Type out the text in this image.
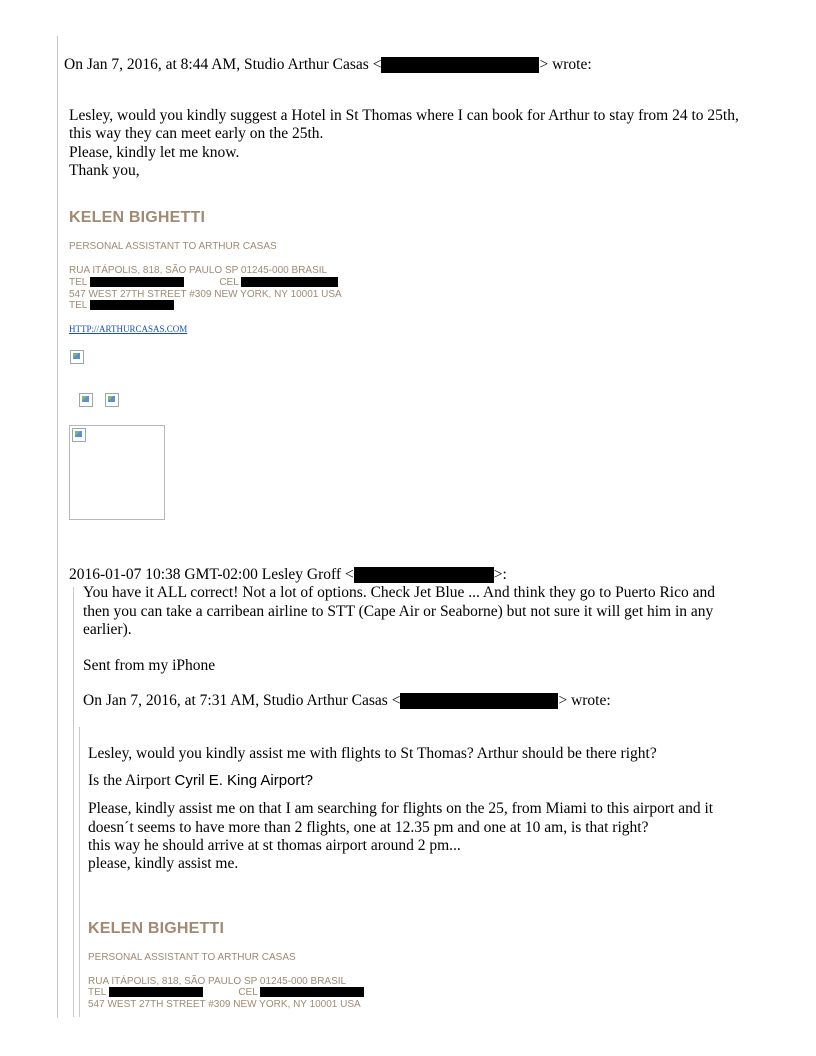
On Jan 7, 2016, at 8:44 AM, Studio Arthur Casas <	> wrote:
Lesley, would you kindly suggest a Hotel in St Thomas where I can book for Arthur to stay from 24 to 25th,
this way they can meet early on the 25th.
Please, kindly let me know.
Thank you,
KELEN BIGHETTI
PERSONAL ASSISTANT TO ARTHUR CASAS
RUA ITÁPOLIS, 818, SÃO PAULO SP 01245-000 BRASIL
TEL	CEL
547 WEST 27TH STREET #309 NEW YORK, NY 10001 USA
TEL
HTTP://ARTHURCASAS.COM
2016-01-07 10:38 GMT-02:00 Lesley Groff <	>:
You have it ALL correct! Not a lot of options. Check Jet Blue ... And think they go to Puerto Rico and
then you can take a carribean airline to STT (Cape Air or Seaborne) but not sure it will get him in any
earlier).
Sent from my iPhone
On Jan 7, 2016, at 7:31 AM, Studio Arthur Casas <	> wrote:
Lesley, would you kindly assist me with flights to St Thomas? Arthur should be there right?
Is the Airport Cyril E. King Airport?
Please, kindly assist me on that I am searching for flights on the 25, from Miami to this airport and it
doesn´t seems to have more than 2 flights, one at 12.35 pm and one at 10 am, is that right?
this way he should arrive at st thomas airport around 2 pm...
please, kindly assist me.
KELEN BIGHETTI
PERSONAL ASSISTANT TO ARTHUR CASAS
RUA ITÁPOLIS, 818, SÃO PAULO SP 01245-000 BRASIL
TEL	CEL
547 WEST 27TH STREET #309 NEW YORK, NY 10001 USA
